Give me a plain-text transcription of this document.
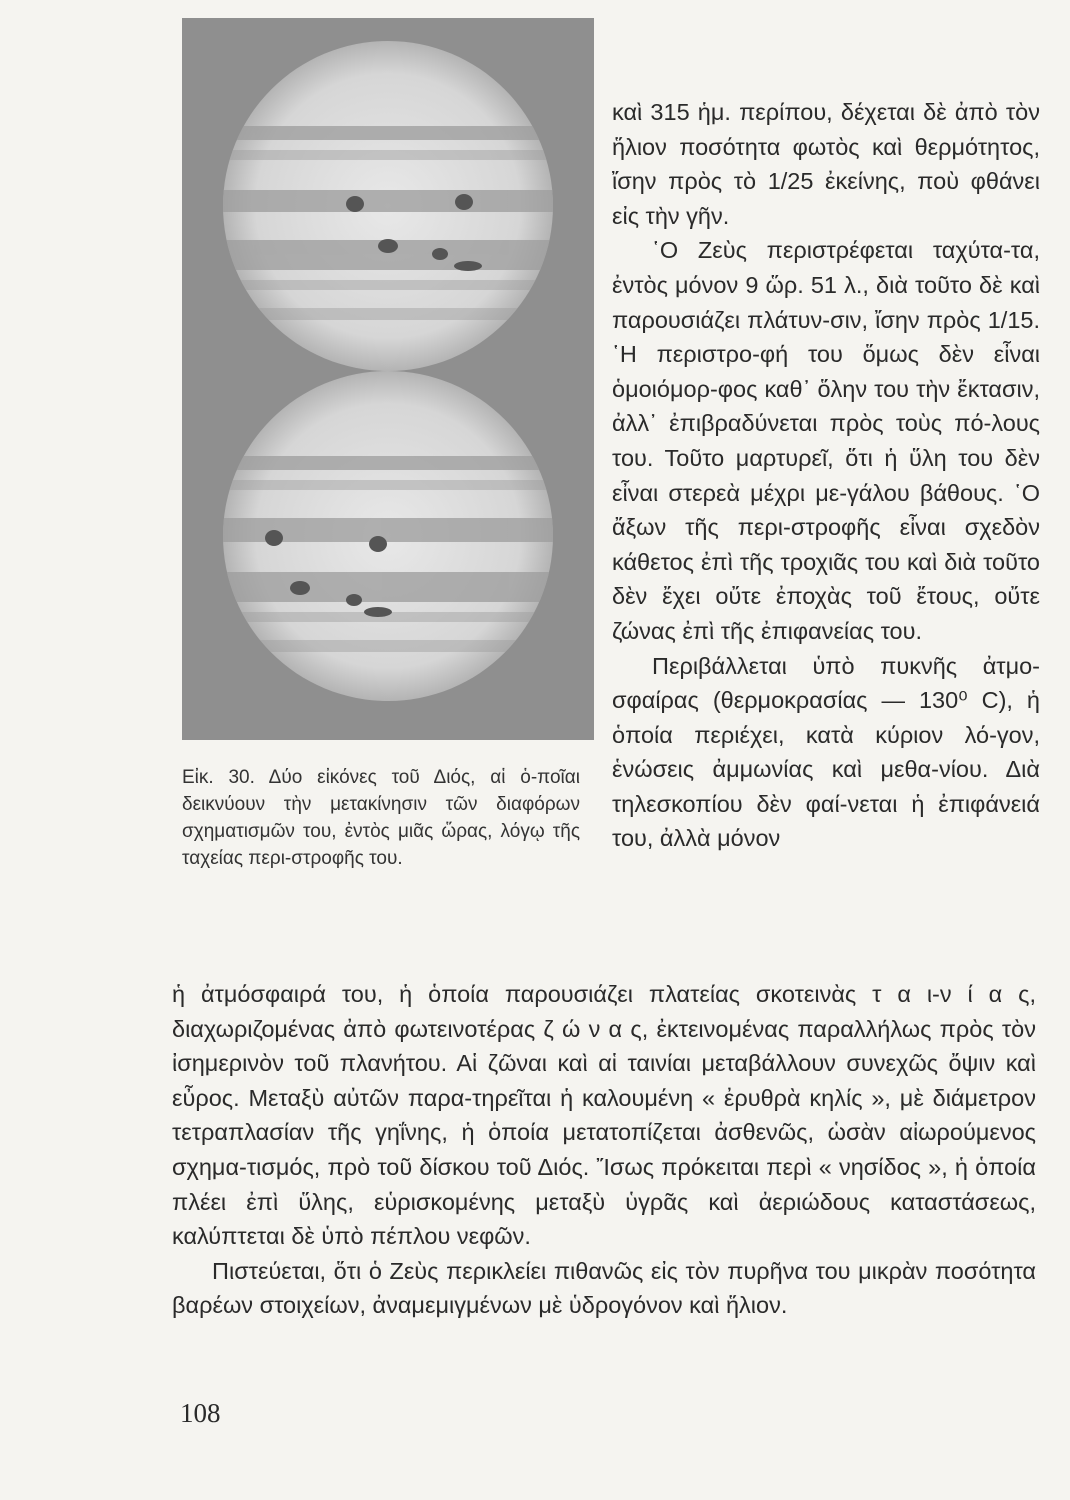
Εἰκ. 30. Δύο εἰκόνες τοῦ Διός, αἱ ὁ-ποῖαι δεικνύουν τὴν μετακίνησιν τῶν διαφόρων σχηματισμῶν του, ἐντὸς μιᾶς ὥρας, λόγῳ τῆς ταχείας περι-στροφῆς του.

καὶ 315 ἡμ. περίπου, δέχεται δὲ ἀπὸ τὸν ἥλιον ποσότητα φωτὸς καὶ θερμότητος, ἴσην πρὸς τὸ 1/25 ἐκείνης, ποὺ φθάνει εἰς τὴν γῆν.

῾Ο Ζεὺς περιστρέφεται ταχύτα-τα, ἐντὸς μόνον 9 ὥρ. 51 λ., διὰ τοῦτο δὲ καὶ παρουσιάζει πλάτυν-σιν, ἴσην πρὸς 1/15. ῾Η περιστρο-φή του ὅμως δὲν εἶναι ὁμοιόμορ-φος καθ᾽ ὅλην του τὴν ἔκτασιν, ἀλλ᾽ ἐπιβραδύνεται πρὸς τοὺς πό-λους του. Τοῦτο μαρτυρεῖ, ὅτι ἡ ὕλη του δὲν εἶναι στερεὰ μέχρι με-γάλου βάθους. ῾Ο ἄξων τῆς περι-στροφῆς εἶναι σχεδὸν κάθετος ἐπὶ τῆς τροχιᾶς του καὶ διὰ τοῦτο δὲν ἔχει οὔτε ἐποχὰς τοῦ ἔτους, οὔτε ζώνας ἐπὶ τῆς ἐπιφανείας του.

Περιβάλλεται ὑπὸ πυκνῆς ἀτμο-σφαίρας (θερμοκρασίας — 130⁰ C), ἡ ὁποία περιέχει, κατὰ κύριον λό-γον, ἑνώσεις ἀμμωνίας καὶ μεθα-νίου. Διὰ τηλεσκοπίου δὲν φαί-νεται ἡ ἐπιφάνειά του, ἀλλὰ μόνον

ἡ ἀτμόσφαιρά του, ἡ ὁποία παρουσιάζει πλατείας σκοτεινὰς τ α ι-ν ί α ς, διαχωριζομένας ἀπὸ φωτεινοτέρας ζ ώ ν α ς, ἐκτεινομένας παραλλήλως πρὸς τὸν ἰσημερινὸν τοῦ πλανήτου. Αἱ ζῶναι καὶ αἱ ταινίαι μεταβάλλουν συνεχῶς ὄψιν καὶ εὖρος. Μεταξὺ αὐτῶν παρα-τηρεῖται ἡ καλουμένη « ἐρυθρὰ κηλίς », μὲ διάμετρον τετραπλασίαν τῆς γηΐνης, ἡ ὁποία μετατοπίζεται ἀσθενῶς, ὡσὰν αἰωρούμενος σχημα-τισμός, πρὸ τοῦ δίσκου τοῦ Διός. Ἴσως πρόκειται περὶ « νησίδος », ἡ ὁποία πλέει ἐπὶ ὕλης, εὑρισκομένης μεταξὺ ὑγρᾶς καὶ ἀεριώδους καταστάσεως, καλύπτεται δὲ ὑπὸ πέπλου νεφῶν.

Πιστεύεται, ὅτι ὁ Ζεὺς περικλείει πιθανῶς εἰς τὸν πυρῆνα του μικρὰν ποσότητα βαρέων στοιχείων, ἀναμεμιγμένων μὲ ὑδρογόνον καὶ ἥλιον.

108
